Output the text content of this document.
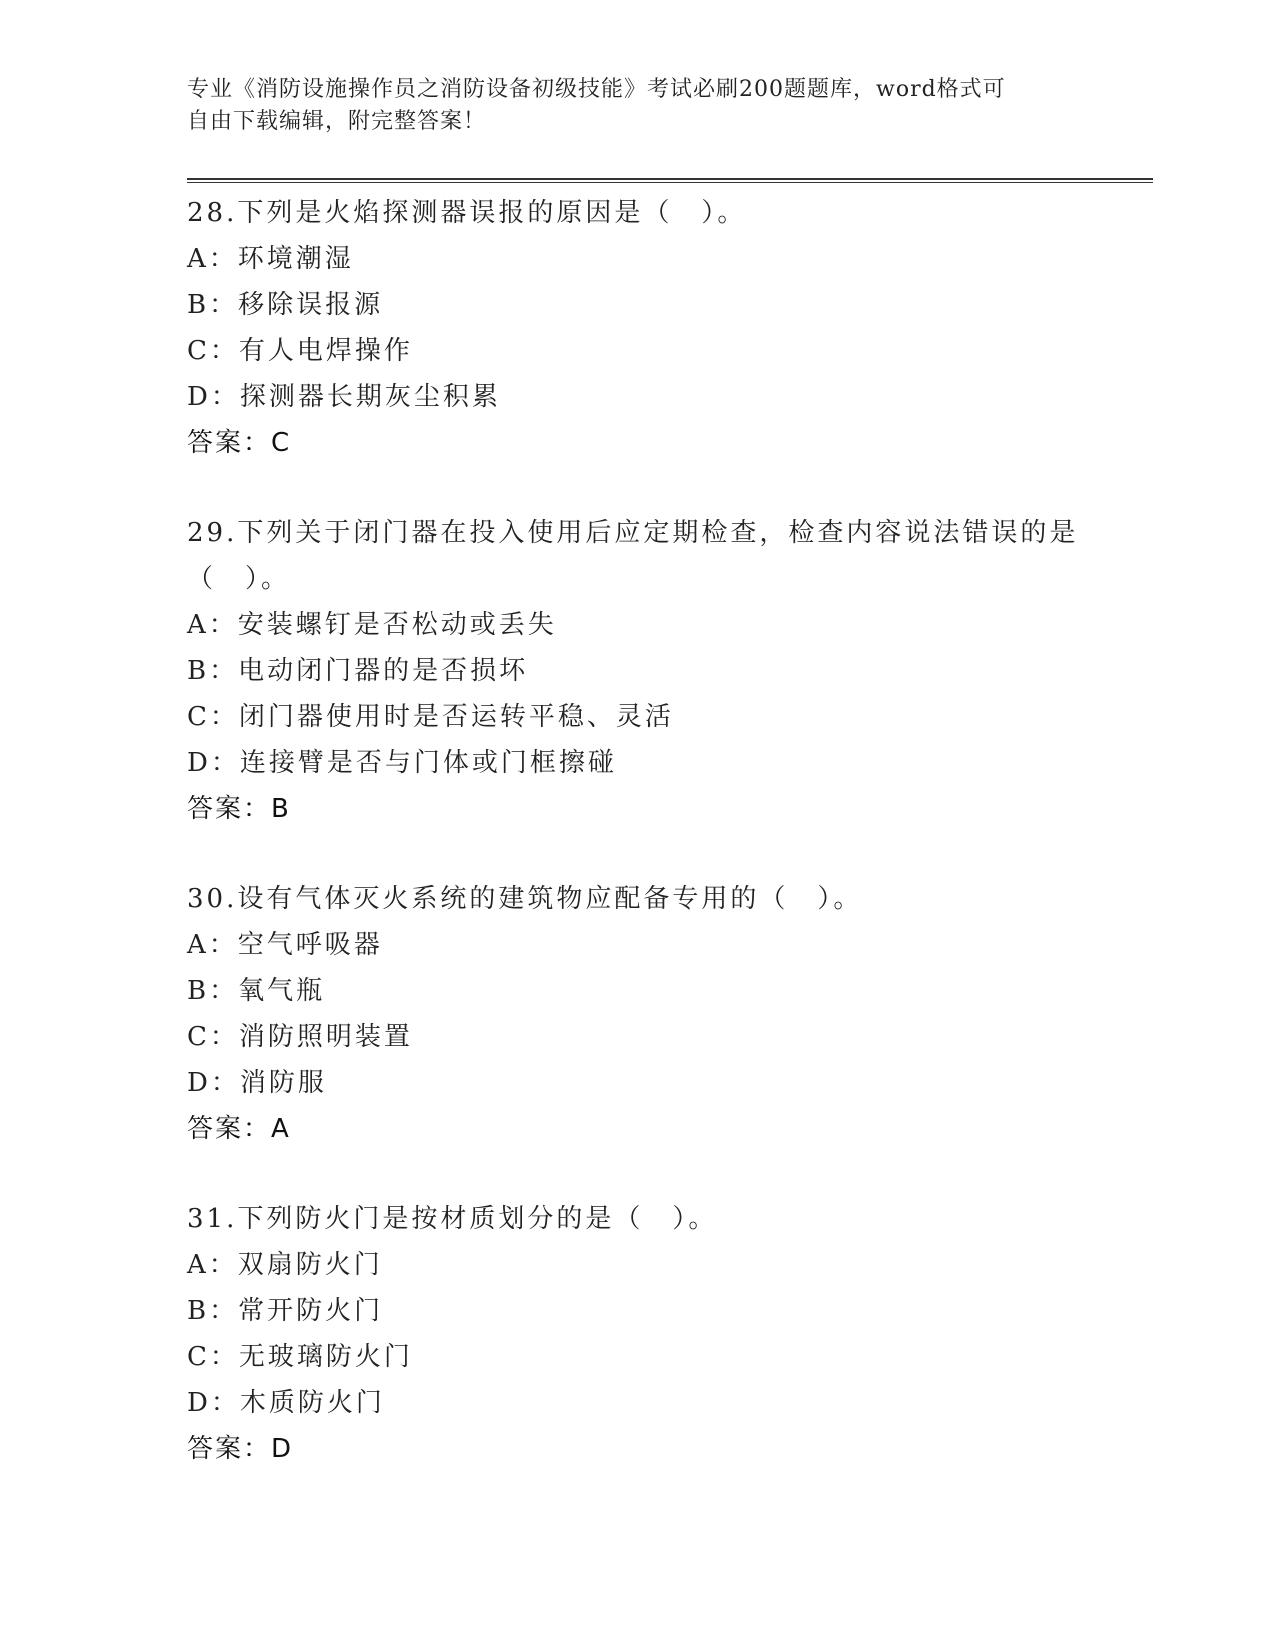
专业《消防设施操作员之消防设备初级技能》考试必刷200题题库，word格式可
自由下载编辑，附完整答案！

28.下列是火焰探测器误报的原因是（　）。

A：环境潮湿

B：移除误报源

C：有人电焊操作

D：探测器长期灰尘积累

答案：C

29.下列关于闭门器在投入使用后应定期检查，检查内容说法错误的是

（　）。

A：安装螺钉是否松动或丢失

B：电动闭门器的是否损坏

C：闭门器使用时是否运转平稳、灵活

D：连接臂是否与门体或门框擦碰

答案：B

30.设有气体灭火系统的建筑物应配备专用的（　）。

A：空气呼吸器

B：氧气瓶

C：消防照明装置

D：消防服

答案：A

31.下列防火门是按材质划分的是（　）。

A：双扇防火门

B：常开防火门

C：无玻璃防火门

D：木质防火门

答案：D
